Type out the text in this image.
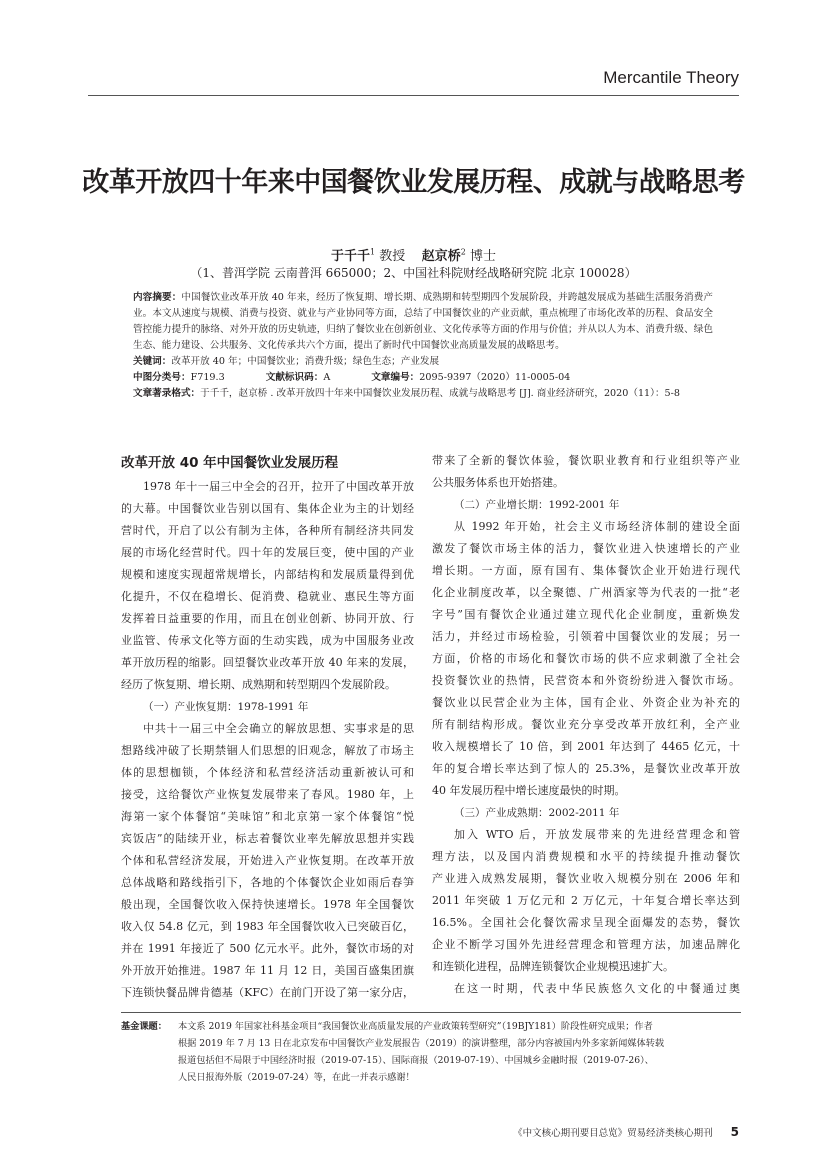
Mercantile Theory
改革开放四十年来中国餐饮业发展历程、成就与战略思考
于千千$^1$ 教授 赵京桥$^2$ 博士
（1、普洱学院 云南普洱 665000；2、中国社科院财经战略研究院 北京 100028）
内容摘要：中国餐饮业改革开放 40 年来，经历了恢复期、增长期、成熟期和转型期四个发展阶段，并跨越发展成为基础生活服务消费产业。本文从速度与规模、消费与投资、就业与产业协同等方面，总结了中国餐饮业的产业贡献，重点梳理了市场化改革的历程、食品安全管控能力提升的脉络、对外开放的历史轨迹，归纳了餐饮业在创新创业、文化传承等方面的作用与价值；并从以人为本、消费升级、绿色生态、能力建设、公共服务、文化传承共六个方面，提出了新时代中国餐饮业高质量发展的战略思考。
关键词：改革开放 40 年；中国餐饮业；消费升级；绿色生态；产业发展
中图分类号：F719.3	文献标识码：A	文章编号：2095-9397（2020）11-0005-04
文章著录格式：于千千，赵京桥 . 改革开放四十年来中国餐饮业发展历程、成就与战略思考 [J]. 商业经济研究，2020（11）：5-8
改革开放 40 年中国餐饮业发展历程
1978 年十一届三中全会的召开，拉开了中国改革开放
的大幕。中国餐饮业告别以国有、集体企业为主的计划经
营时代，开启了以公有制为主体，各种所有制经济共同发
展的市场化经营时代。四十年的发展巨变，使中国的产业
规模和速度实现超常规增长，内部结构和发展质量得到优
化提升，不仅在稳增长、促消费、稳就业、惠民生等方面
发挥着日益重要的作用，而且在创业创新、协同开放、行
业监管、传承文化等方面的生动实践，成为中国服务业改
革开放历程的缩影。回望餐饮业改革开放 40 年来的发展，
经历了恢复期、增长期、成熟期和转型期四个发展阶段。
（一）产业恢复期：1978-1991 年
中共十一届三中全会确立的解放思想、实事求是的思
想路线冲破了长期禁锢人们思想的旧观念，解放了市场主
体的思想枷锁，个体经济和私营经济活动重新被认可和
接受，这给餐饮产业恢复发展带来了春风。1980 年，上
海第一家个体餐馆“美味馆”和北京第一家个体餐馆“悦
宾饭店”的陆续开业，标志着餐饮业率先解放思想并实践
个体和私营经济发展，开始进入产业恢复期。在改革开放
总体战略和路线指引下，各地的个体餐饮企业如雨后春笋
般出现，全国餐饮收入保持快速增长。1978 年全国餐饮
收入仅 54.8 亿元，到 1983 年全国餐饮收入已突破百亿，
并在 1991 年接近了 500 亿元水平。此外，餐饮市场的对
外开放开始推进。1987 年 11 月 12 日，美国百盛集团旗
下连锁快餐品牌肯德基（KFC）在前门开设了第一家分店，
带来了全新的餐饮体验，餐饮职业教育和行业组织等产业
公共服务体系也开始搭建。
（二）产业增长期：1992-2001 年
从 1992 年开始，社会主义市场经济体制的建设全面
激发了餐饮市场主体的活力，餐饮业进入快速增长的产业
增长期。一方面，原有国有、集体餐饮企业开始进行现代
化企业制度改革，以全聚德、广州酒家等为代表的一批“老
字号”国有餐饮企业通过建立现代化企业制度，重新焕发
活力，并经过市场检验，引领着中国餐饮业的发展；另一
方面，价格的市场化和餐饮市场的供不应求刺激了全社会
投资餐饮业的热情，民营资本和外资纷纷进入餐饮市场。
餐饮业以民营企业为主体，国有企业、外资企业为补充的
所有制结构形成。餐饮业充分享受改革开放红利，全产业
收入规模增长了 10 倍，到 2001 年达到了 4465 亿元，十
年的复合增长率达到了惊人的 25.3%，是餐饮业改革开放
40 年发展历程中增长速度最快的时期。
（三）产业成熟期：2002-2011 年
加入 WTO 后，开放发展带来的先进经营理念和管
理方法，以及国内消费规模和水平的持续提升推动餐饮
产业进入成熟发展期，餐饮业收入规模分别在 2006 年和
2011 年突破 1 万亿元和 2 万亿元，十年复合增长率达到
16.5%。全国社会化餐饮需求呈现全面爆发的态势，餐饮
企业不断学习国外先进经营理念和管理方法，加速品牌化
和连锁化进程，品牌连锁餐饮企业规模迅速扩大。
在这一时期，代表中华民族悠久文化的中餐通过奥
基金课题： 本文系 2019 年国家社科基金项目“我国餐饮业高质量发展的产业政策转型研究”（19BJY181）阶段性研究成果；作者
根据 2019 年 7 月 13 日在北京发布中国餐饮产业发展报告（2019）的演讲整理，部分内容被国内外多家新闻媒体转载
报道包括但不局限于中国经济时报（2019-07-15）、国际商报（2019-07-19）、中国城乡金融时报（2019-07-26）、
人民日报海外版（2019-07-24）等，在此一并表示感谢！
《中文核心期刊要目总览》贸易经济类核心期刊 5
